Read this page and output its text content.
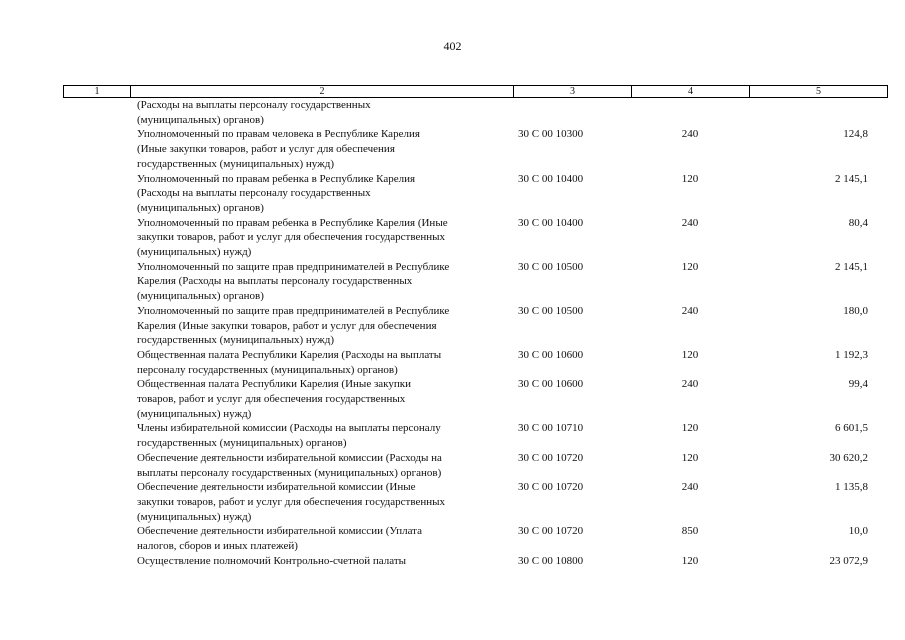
402
1	2	3	4	5
(Расходы на выплаты персоналу государственных
(муниципальных) органов)
Уполномоченный по правам человека в Республике Карелия
(Иные закупки товаров, работ и услуг для обеспечения
государственных (муниципальных) нужд)
30 С 00 10300	240	124,8
Уполномоченный по правам ребенка в Республике Карелия
(Расходы на выплаты персоналу государственных
(муниципальных) органов)
30 С 00 10400	120	2 145,1
Уполномоченный по правам ребенка в Республике Карелия (Иные
закупки товаров, работ и услуг для обеспечения государственных
(муниципальных) нужд)
30 С 00 10400	240	80,4
Уполномоченный по защите прав предпринимателей в Республике
Карелия (Расходы на выплаты персоналу государственных
(муниципальных) органов)
30 С 00 10500	120	2 145,1
Уполномоченный по защите прав предпринимателей в Республике
Карелия (Иные закупки товаров, работ и услуг для обеспечения
государственных (муниципальных) нужд)
30 С 00 10500	240	180,0
Общественная палата Республики Карелия (Расходы на выплаты
персоналу государственных (муниципальных) органов)
30 С 00 10600	120	1 192,3
Общественная палата Республики Карелия (Иные закупки
товаров, работ и услуг для обеспечения государственных
(муниципальных) нужд)
30 С 00 10600	240	99,4
Члены избирательной комиссии (Расходы на выплаты персоналу
государственных (муниципальных) органов)
30 С 00 10710	120	6 601,5
Обеспечение деятельности избирательной комиссии (Расходы на
выплаты персоналу государственных (муниципальных) органов)
30 С 00 10720	120	30 620,2
Обеспечение деятельности избирательной комиссии (Иные
закупки товаров, работ и услуг для обеспечения государственных
(муниципальных) нужд)
30 С 00 10720	240	1 135,8
Обеспечение деятельности избирательной комиссии (Уплата
налогов, сборов и иных платежей)
30 С 00 10720	850	10,0
Осуществление полномочий Контрольно-счетной палаты	30 С 00 10800	120	23 072,9
